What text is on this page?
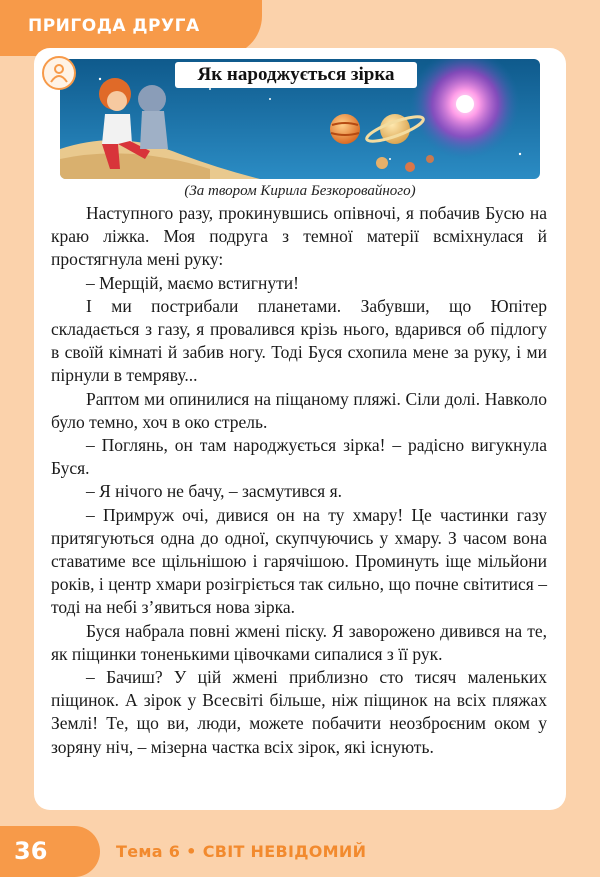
ПРИГОДА ДРУГА
Як народжується зірка
(За твором Кирила Безкоровайного)

Наступного разу, прокинувшись опівночі, я побачив Бусю на краю ліжка. Моя подруга з темної матерії всміхнулася й простягнула мені руку:

– Мерщій, маємо встигнути!

І ми пострибали планетами. Забувши, що Юпітер складається з газу, я провалився крізь нього, вдарився об підлогу в своїй кімнаті й забив ногу. Тоді Буся схопила мене за руку, і ми пірнули в темряву...

Раптом ми опинилися на піщаному пляжі. Сіли долі. Навколо було темно, хоч в око стрель.

– Поглянь, он там народжується зірка! – радісно вигукнула Буся.

– Я нічого не бачу, – засмутився я.

– Примруж очі, дивися он на ту хмару! Це частинки газу притягуються одна до одної, скупчуючись у хмару. З часом вона ставатиме все щільнішою і гарячішою. Проминуть іще мільйони років, і центр хмари розігріється так сильно, що почне світитися – тоді на небі з’явиться нова зірка.

Буся набрала повні жмені піску. Я заворожено дивився на те, як піщинки тоненькими цівочками сипалися з її рук.

– Бачиш? У цій жмені приблизно сто тисяч маленьких піщинок. А зірок у Всесвіті більше, ніж піщинок на всіх пляжах Землі! Те, що ви, люди, можете побачити неозброєним оком у зоряну ніч, – мізерна частка всіх зірок, які існують.

36	Тема 6 • СВІТ НЕВІДОМИЙ
